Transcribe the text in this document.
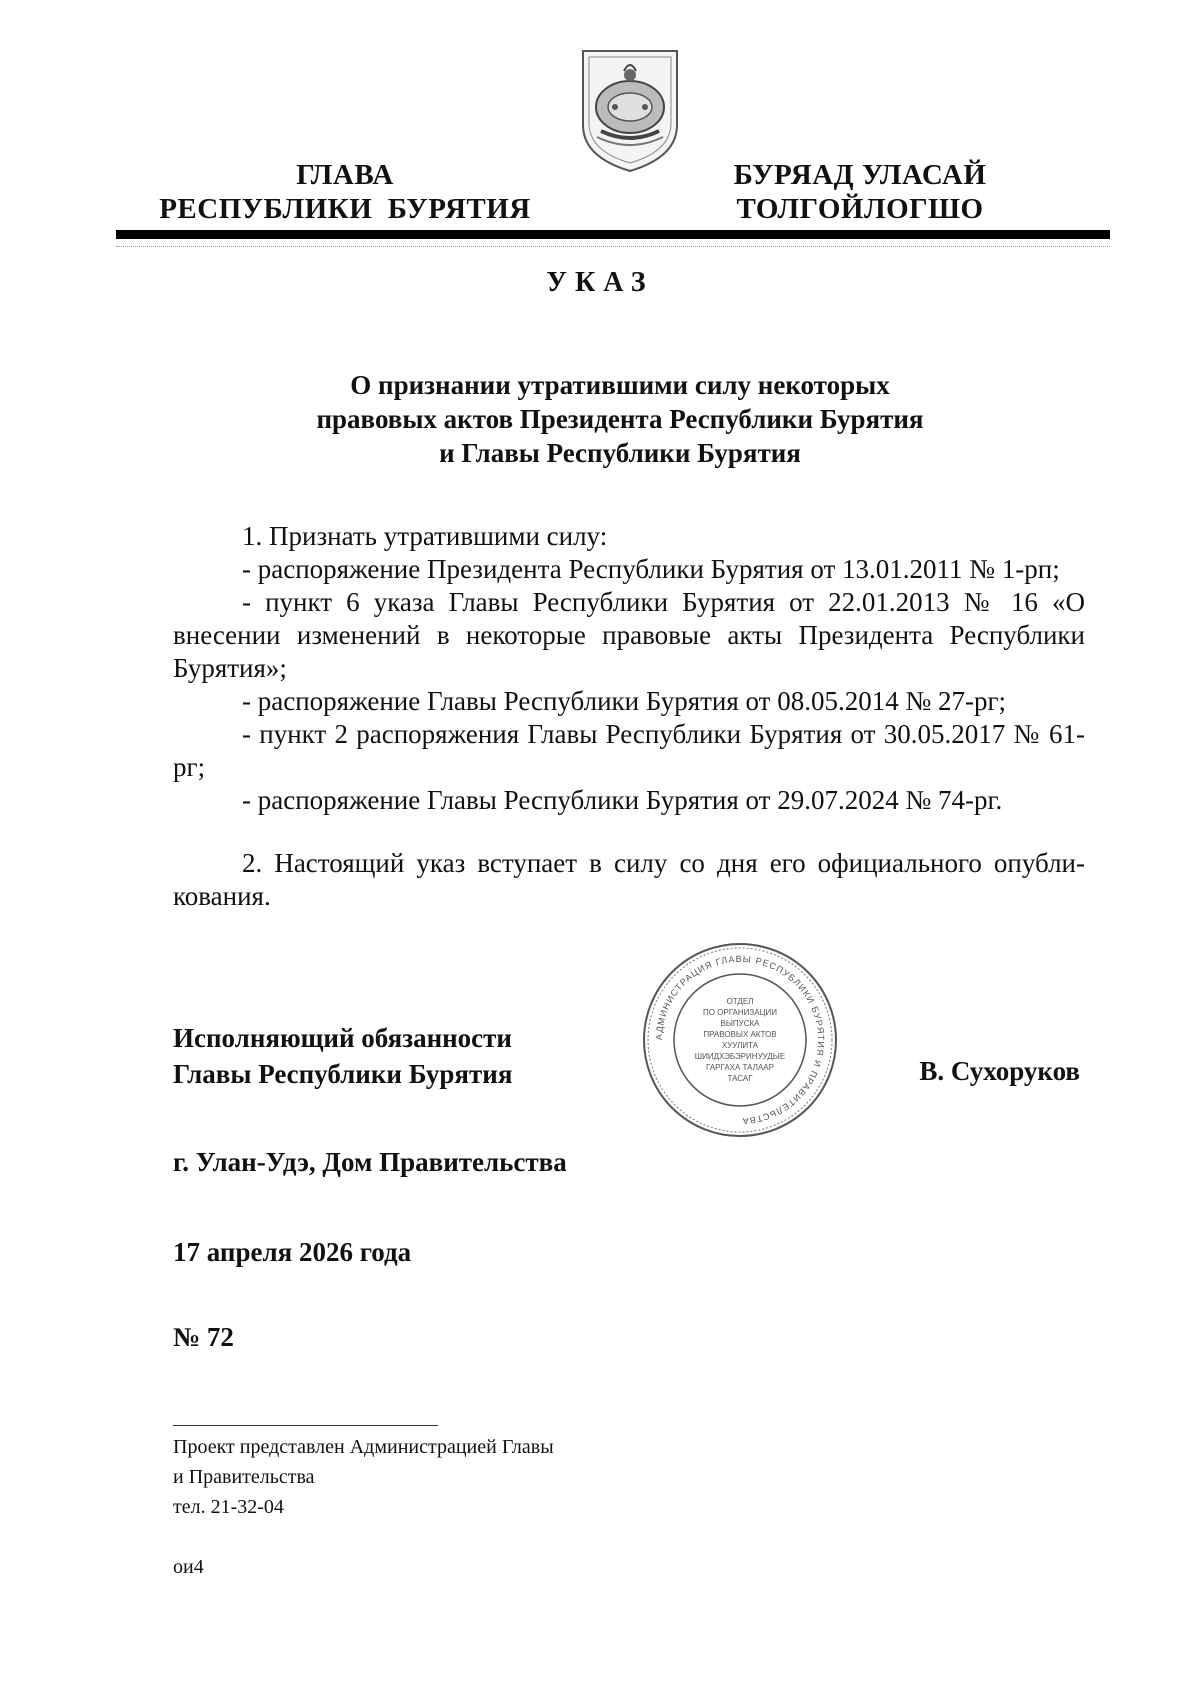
ГЛАВА
РЕСПУБЛИКИ  БУРЯТИЯ
БУРЯАД УЛАСАЙ
ТОЛГОЙЛОГШО
УКАЗ
О признании утратившими силу некоторых
правовых актов Президента Республики Бурятия
и Главы Республики Бурятия

1. Признать утратившими силу:

- распоряжение Президента Республики Бурятия от 13.01.2011 № 1-рп;

- пункт 6 указа Главы Республики Бурятия от 22.01.2013 № 16 «О внесении изменений в некоторые правовые акты Президента Республики Бурятия»;

- распоряжение Главы Республики Бурятия от 08.05.2014 № 27-рг;

- пункт 2 распоряжения Главы Республики Бурятия от 30.05.2017 № 61-рг;

- распоряжение Главы Республики Бурятия от 29.07.2024 № 74-рг.

2. Настоящий указ вступает в силу со дня его официального опубли-кования.

Исполняющий обязанности
Главы Республики Бурятия
АДМИНИСТРАЦИЯ ГЛАВЫ РЕСПУБЛИКИ БУРЯТИЯ И ПРАВИТЕЛЬСТВА
ОТДЕЛ
ПО ОРГАНИЗАЦИИ
ВЫПУСКА
ПРАВОВЫХ АКТОВ
ХУУЛИТА
ШИИДХЭБЭРИНУУДЫЕ
ГАРГАХА ТАЛААР
ТАСАГ	В. Сухоруков
г. Улан-Удэ, Дом Правительства
17 апреля 2026 года
№ 72
Проект представлен Администрацией Главы
и Правительства
тел. 21-32-04
ои4
